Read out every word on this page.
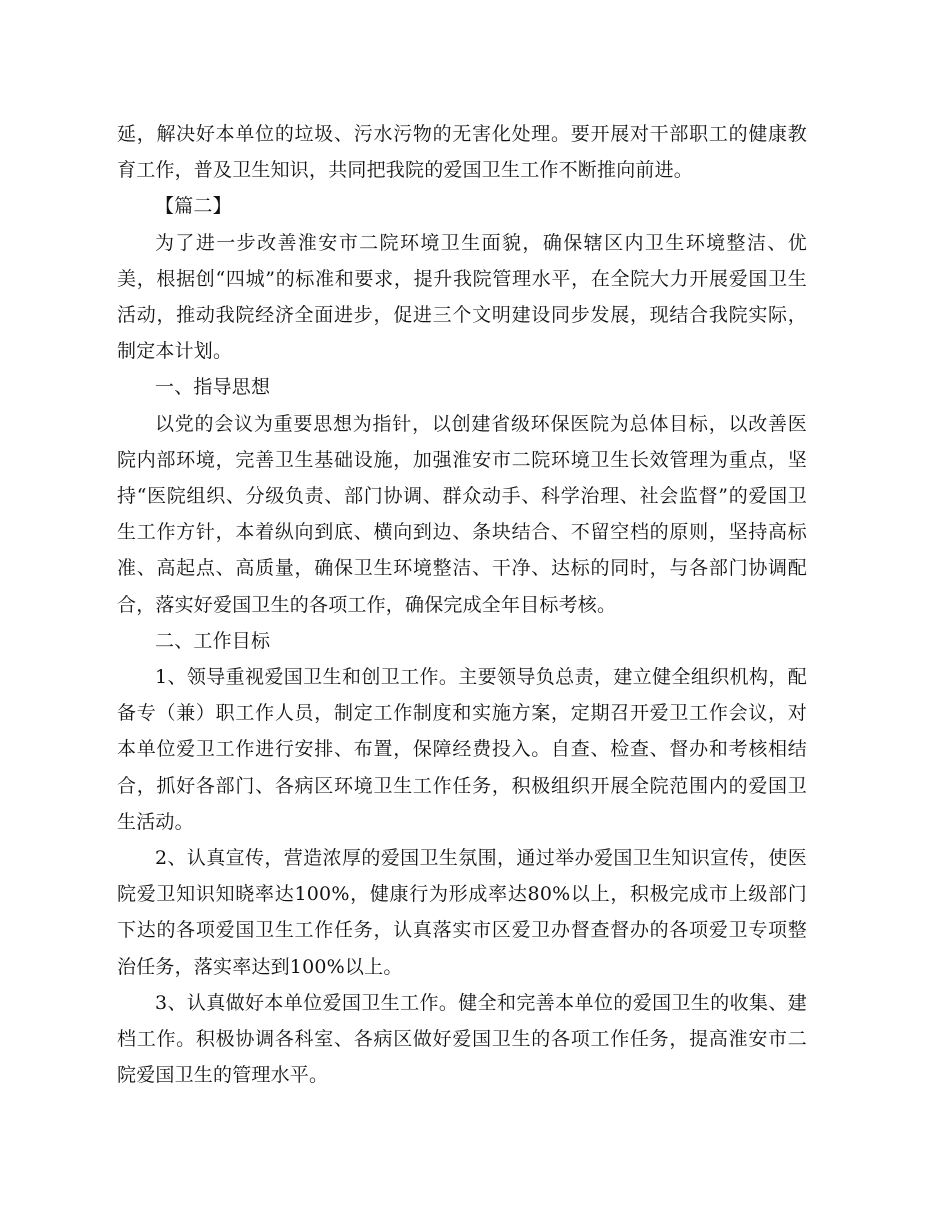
延，解决好本单位的垃圾、污水污物的无害化处理。要开展对干部职工的健康教育工作，普及卫生知识，共同把我院的爱国卫生工作不断推向前进。

【篇二】

为了进一步改善淮安市二院环境卫生面貌，确保辖区内卫生环境整洁、优美，根据创“四城”的标准和要求，提升我院管理水平，在全院大力开展爱国卫生活动，推动我院经济全面进步，促进三个文明建设同步发展，现结合我院实际，制定本计划。

一、指导思想

以党的会议为重要思想为指针，以创建省级环保医院为总体目标，以改善医院内部环境，完善卫生基础设施，加强淮安市二院环境卫生长效管理为重点，坚持“医院组织、分级负责、部门协调、群众动手、科学治理、社会监督”的爱国卫生工作方针，本着纵向到底、横向到边、条块结合、不留空档的原则，坚持高标准、高起点、高质量，确保卫生环境整洁、干净、达标的同时，与各部门协调配合，落实好爱国卫生的各项工作，确保完成全年目标考核。

二、工作目标

1、领导重视爱国卫生和创卫工作。主要领导负总责，建立健全组织机构，配备专（兼）职工作人员，制定工作制度和实施方案，定期召开爱卫工作会议，对本单位爱卫工作进行安排、布置，保障经费投入。自查、检查、督办和考核相结合，抓好各部门、各病区环境卫生工作任务，积极组织开展全院范围内的爱国卫生活动。

2、认真宣传，营造浓厚的爱国卫生氛围，通过举办爱国卫生知识宣传，使医院爱卫知识知晓率达100%，健康行为形成率达80%以上，积极完成市上级部门下达的各项爱国卫生工作任务，认真落实市区爱卫办督查督办的各项爱卫专项整治任务，落实率达到100%以上。

3、认真做好本单位爱国卫生工作。健全和完善本单位的爱国卫生的收集、建档工作。积极协调各科室、各病区做好爱国卫生的各项工作任务，提高淮安市二院爱国卫生的管理水平。
